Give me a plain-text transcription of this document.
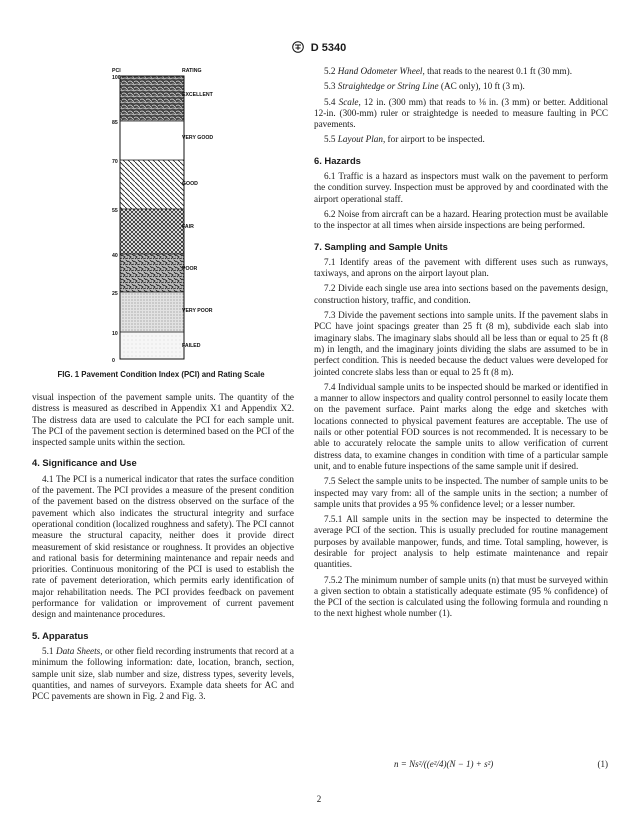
D 5340
PCI	RATING
100
85
70
55
40
25
10
0
EXCELLENT
VERY GOOD
GOOD
FAIR
POOR
VERY POOR
FAILED
FIG. 1 Pavement Condition Index (PCI) and Rating Scale

visual inspection of the pavement sample units. The quantity of the distress is measured as described in Appendix X1 and Appendix X2. The distress data are used to calculate the PCI for each sample unit. The PCI of the pavement section is determined based on the PCI of the inspected sample units within the section.

4. Significance and Use

4.1 The PCI is a numerical indicator that rates the surface condition of the pavement. The PCI provides a measure of the present condition of the pavement based on the distress observed on the surface of the pavement which also indicates the structural integrity and surface operational condition (localized roughness and safety). The PCI cannot measure the structural capacity, neither does it provide direct measurement of skid resistance or roughness. It provides an objective and rational basis for determining maintenance and repair needs and priorities. Continuous monitoring of the PCI is used to establish the rate of pavement deterioration, which permits early identification of major rehabilitation needs. The PCI provides feedback on pavement performance for validation or improvement of current pavement design and maintenance procedures.

5. Apparatus

5.1 Data Sheets, or other field recording instruments that record at a minimum the following information: date, location, branch, section, sample unit size, slab number and size, distress types, severity levels, quantities, and names of surveyors. Example data sheets for AC and PCC pavements are shown in Fig. 2 and Fig. 3.

5.2 Hand Odometer Wheel, that reads to the nearest 0.1 ft (30 mm).

5.3 Straightedge or String Line (AC only), 10 ft (3 m).

5.4 Scale, 12 in. (300 mm) that reads to ⅛ in. (3 mm) or better. Additional 12-in. (300-mm) ruler or straightedge is needed to measure faulting in PCC pavements.

5.5 Layout Plan, for airport to be inspected.

6. Hazards

6.1 Traffic is a hazard as inspectors must walk on the pavement to perform the condition survey. Inspection must be approved by and coordinated with the airport operational staff.

6.2 Noise from aircraft can be a hazard. Hearing protection must be available to the inspector at all times when airside inspections are being performed.

7. Sampling and Sample Units

7.1 Identify areas of the pavement with different uses such as runways, taxiways, and aprons on the airport layout plan.

7.2 Divide each single use area into sections based on the pavements design, construction history, traffic, and condition.

7.3 Divide the pavement sections into sample units. If the pavement slabs in PCC have joint spacings greater than 25 ft (8 m), subdivide each slab into imaginary slabs. The imaginary slabs should all be less than or equal to 25 ft (8 m) in length, and the imaginary joints dividing the slabs are assumed to be in perfect condition. This is needed because the deduct values were developed for jointed concrete slabs less than or equal to 25 ft (8 m).

7.4 Individual sample units to be inspected should be marked or identified in a manner to allow inspectors and quality control personnel to easily locate them on the pavement surface. Paint marks along the edge and sketches with locations connected to physical pavement features are acceptable. The use of nails or other potential FOD sources is not recommended. It is necessary to be able to accurately relocate the sample units to allow verification of current distress data, to examine changes in condition with time of a particular sample unit, and to enable future inspections of the same sample unit if desired.

7.5 Select the sample units to be inspected. The number of sample units to be inspected may vary from: all of the sample units in the section; a number of sample units that provides a 95 % confidence level; or a lesser number.

7.5.1 All sample units in the section may be inspected to determine the average PCI of the section. This is usually precluded for routine management purposes by available manpower, funds, and time. Total sampling, however, is desirable for project analysis to help estimate maintenance and repair quantities.

7.5.2 The minimum number of sample units (n) that must be surveyed within a given section to obtain a statistically adequate estimate (95 % confidence) of the PCI of the section is calculated using the following formula and rounding n to the next highest whole number (1).

n = Ns²/((e²/4)(N − 1) + s²)	(1)
2
